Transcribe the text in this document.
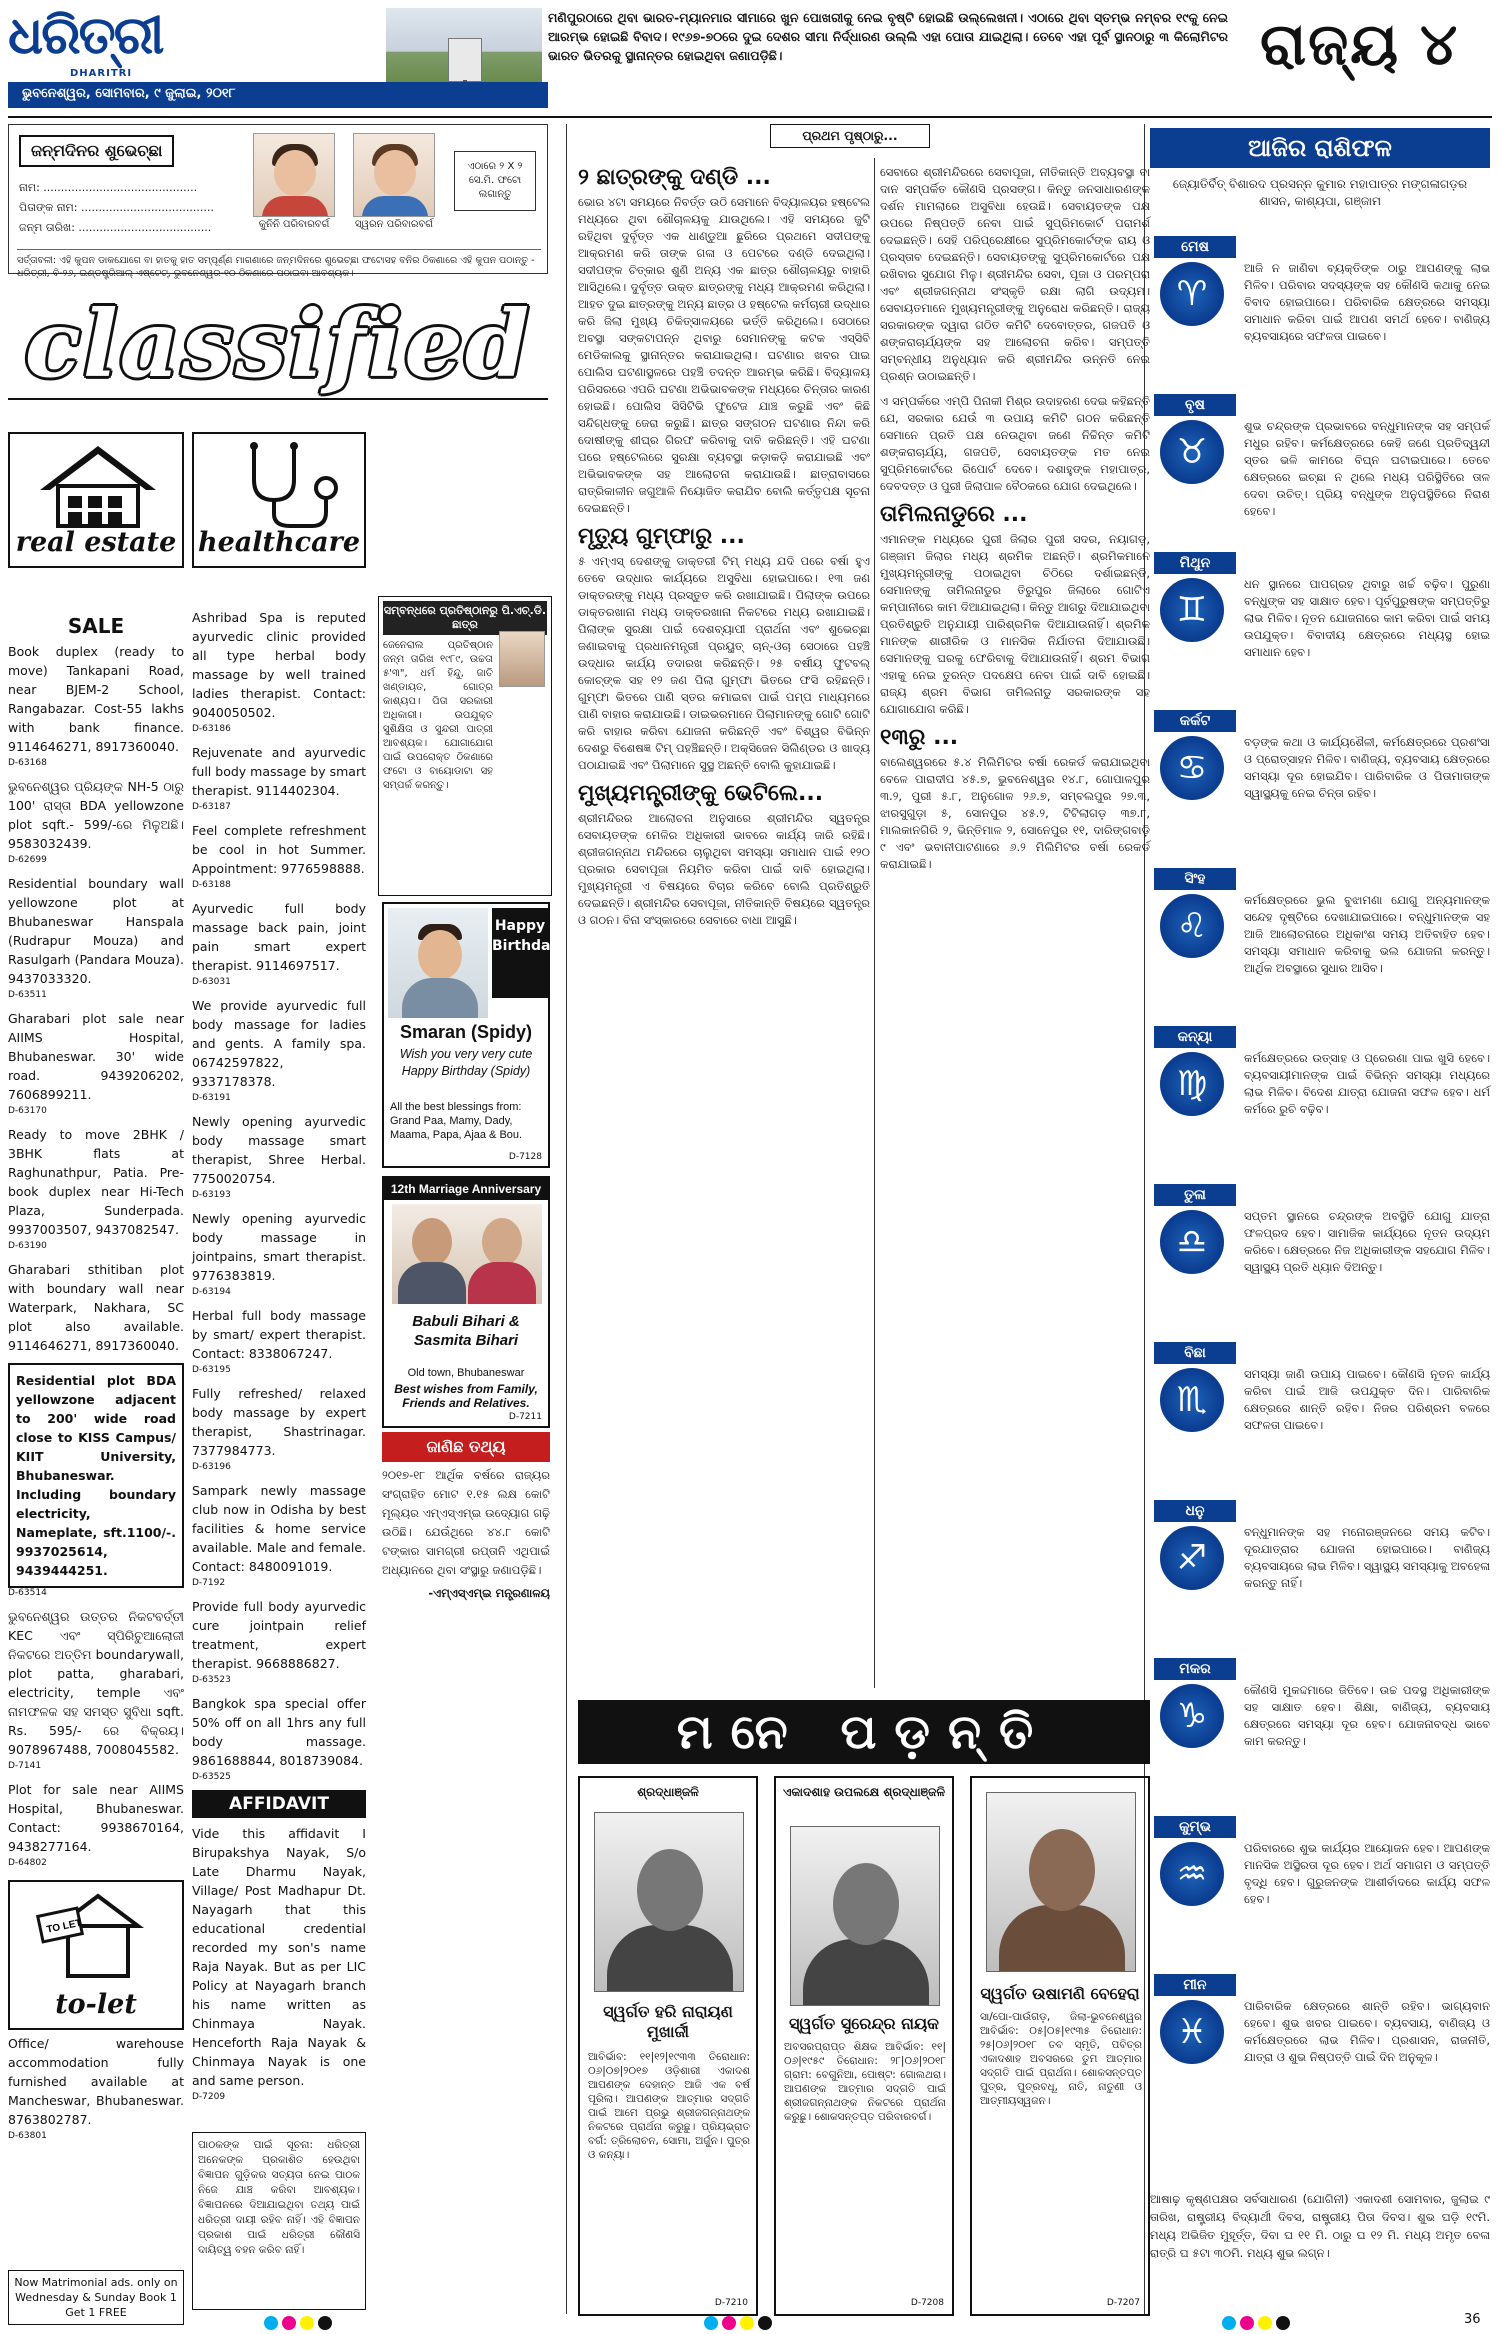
ଧରିତ୍ରୀ
DHARITRI
ମଣିପୁରଠାରେ ଥିବା ଭାରତ-ମ୍ୟାନମାର ସୀମାରେ ଖୁନ ପୋଖରୀକୁ ନେଇ ବୃଷ୍ଟି ହୋଇଛି ଉଲ୍ଲେଖନୀ। ଏଠାରେ ଥିବା ସ୍ତମ୍ଭ ନମ୍ବର ୧୯କୁ ନେଇ ଆରମ୍ଭ ହୋଇଛି ବିବାଦ। ୧୯୬୭-୭୦ରେ ଦୁଇ ଦେଶର ସୀମା ନିର୍ଦ୍ଧାରଣ ଉଲ୍ଲି ଏହା ପୋତା ଯାଇଥିଲା। ତେବେ ଏହା ପୂର୍ବ ସ୍ଥାନଠାରୁ ୩ କିଲୋମିଟର ଭାରତ ଭିତରକୁ ସ୍ଥାନାନ୍ତର ହୋଇଥିବା ଜଣାପଡ଼ିଛି।	ରାଜ୍ୟ ୪
ଭୁବନେଶ୍ୱର, ସୋମବାର, ୯ ଜୁଲାଇ, ୨୦୧୮
ଜନ୍ମଦିନର ଶୁଭେଚ୍ଛା
ନାମ: ............................................
ପିତାଙ୍କ ନାମ: ......................................
ଜନ୍ମ ତାରିଖ: ......................................	କୁନିନି ପରିବାରବର୍ଗ	ସ୍ୱରନ ପରିବାରବର୍ଗ
ଏଠାରେ ୨ X ୨ ସେ.ମି. ଫଟୋ ଲଗାନ୍ତୁ
ସର୍ତ୍ତାବଳୀ: ଏହି କୁପନ ଡାକଯୋଗେ ବା ହାତକୁ ହାତ ସମ୍ପୂର୍ଣ୍ଣ ମାଗଣାରେ ଜନ୍ମଦିନରେ ଶୁଭେଚ୍ଛା ଫଟୋସହ ବନିର ଠିକଣାରେ ଏହି କୁପନ ପଠାନ୍ତୁ - ଧରିତ୍ରୀ, ବି-୨୬, ଇଣ୍ଡଷ୍ଟ୍ରିଆଲ୍ ଏଷ୍ଟେଟ୍, ଭୁବନେଶ୍ୱର-୧୦ ଠିକଣାରେ ପଠାଇବା ଆବଶ୍ୟକ।
classified
real estate healthcare
SALE
Book duplex (ready to move) Tankapani Road, near BJEM-2 School, Rangabazar. Cost-55 lakhs with bank finance. 9114646271, 8917360040.
D-63168
ଭୁବନେଶ୍ୱର ପ୍ରିୟଙ୍କ NH-5 ଠାରୁ 100' ରାସ୍ତା BDA yellowzone plot sqft.- 599/-ରେ ମିଳୁଅଛି। 9583032439.
D-62699
Residential boundary wall yellowzone plot at Bhubaneswar Hanspala (Rudrapur Mouza) and Rasulgarh (Pandara Mouza). 9437033320.
D-63511
Gharabari plot sale near AIIMS Hospital, Bhubaneswar. 30' wide road. 9439206202, 7606899211.
D-63170
Ready to move 2BHK / 3BHK flats at Raghunathpur, Patia. Pre-book duplex near Hi-Tech Plaza, Sunderpada. 9937003507, 9437082547.
D-63190
Gharabari sthitiban plot with boundary wall near Waterpark, Nakhara, SC plot also available. 9114646271, 8917360040.
Residential plot BDA yellowzone adjacent to 200' wide road close to KISS Campus/ KIIT University, Bhubaneswar. Including boundary electricity, Nameplate, sft.1100/-. 9937025614, 9439444251.
D-63514
ଭୁବନେଶ୍ୱର ଉତ୍ତର ନିକଟବର୍ତ୍ତୀ KEC ଏବଂ ସ୍ପିରିଚୁଆଲୋଜୀ ନିକଟରେ ଅତ୍ତିମ boundarywall, plot patta, gharabari, electricity, temple ଏବଂ ନାମଫଳକ ସହ ସମସ୍ତ ସୁବିଧା sqft. Rs. 595/- ରେ ବିକ୍ରୟ। 9078967488, 7008045582.
D-7141
Plot for sale near AIIMS Hospital, Bhubaneswar. Contact: 9938670164, 9438277164.
D-64802
TO LET
to-let
Office/ warehouse accommodation fully furnished available at Mancheswar, Bhubaneswar. 8763802787.
D-63801
Now Matrimonial ads. only on Wednesday & Sunday Book 1 Get 1 FREE
Ashribad Spa is reputed ayurvedic clinic provided all type herbal body massage by well trained ladies therapist. Contact: 9040050502.
D-63186
Rejuvenate and ayurvedic full body massage by smart therapist. 9114402304.
D-63187
Feel complete refreshment be cool in hot Summer. Appointment: 9776598888.
D-63188
Ayurvedic full body massage back pain, joint pain smart expert therapist. 9114697517.
D-63031
We provide ayurvedic full body massage for ladies and gents. A family spa. 06742597822, 9337178378.
D-63191
Newly opening ayurvedic body massage smart therapist, Shree Herbal. 7750020754.
D-63193
Newly opening ayurvedic body massage in jointpains, smart therapist. 9776383819.
D-63194
Herbal full body massage by smart/ expert therapist. Contact: 8338067247.
D-63195
Fully refreshed/ relaxed body massage by expert therapist, Shastrinagar. 7377984773.
D-63196
Sampark newly massage club now in Odisha by best facilities & home service available. Male and female. Contact: 8480091019.
D-7192
Provide full body ayurvedic cure jointpain relief treatment, expert therapist. 9668886827.
D-63523
Bangkok spa special offer 50% off on all 1hrs any full body massage. 9861688844, 8018739084.
D-63525
AFFIDAVIT
Vide this affidavit I Birupakshya Nayak, S/o Late Dharmu Nayak, Village/ Post Madhapur Dt. Nayagarh that this educational credential recorded my son's name Raja Nayak. But as per LIC Policy at Nayagarh branch his name written as Chinmaya Nayak. Henceforth Raja Nayak & Chinmaya Nayak is one and same person.
D-7209
ପାଠକଙ୍କ ପାଇଁ ସୂଚନା: ଧରିତ୍ରୀ ଅନେକଙ୍କ ପ୍ରକାଶିତ ହେଉଥିବା ବିଜ୍ଞାପନ ଗୁଡ଼ିକର ସତ୍ୟତା ନେଇ ପାଠକ ନିଜେ ଯାଞ୍ଚ କରିବା ଆବଶ୍ୟକ। ବିଜ୍ଞାପନରେ ଦିଆଯାଇଥିବା ତଥ୍ୟ ପାଇଁ ଧରିତ୍ରୀ ଦାୟୀ ରହିବ ନାହିଁ। ଏହି ବିଜ୍ଞାପନ ପ୍ରକାଶ ପାଇଁ ଧରିତ୍ରୀ କୌଣସି ଦାୟିତ୍ୱ ବହନ କରିବ ନାହିଁ।
ସମ୍ବନ୍ଧରେ ପ୍ରତିଷ୍ଠାନରୁ ପି.ଏଚ୍.ଡି. ଛାତ୍ର
ଜେନେରାଲ ପ୍ରତିଷ୍ଠାନ ଜନ୍ମ ତାରିଖ ୧୯୮୯, ଉଚ୍ଚତା ୫'୩", ଧର୍ମ ହିନ୍ଦୁ, ଜାତି ଖଣ୍ଡାୟତ, ଗୋତ୍ର କାଶ୍ୟପ। ପିତା ସରକାରୀ ଅଧିକାରୀ। ଉପଯୁକ୍ତ ସୁଶିକ୍ଷିତା ଓ ସୁନ୍ଦରୀ ପାତ୍ରୀ ଆବଶ୍ୟକ। ଯୋଗାଯୋଗ ପାଇଁ ଉପରୋକ୍ତ ଠିକଣାରେ ଫଟୋ ଓ ବାୟୋଡାଟା ସହ ସମ୍ପର୍କ କରନ୍ତୁ।
Happy Birthday
Smaran (Spidy)
Wish you very very cute Happy Birthday (Spidy)
All the best blessings from: Grand Paa, Mamy, Dady, Maama, Papa, Ajaa & Bou.
D-7128
12th Marriage Anniversary
Babuli Bihari & Sasmita Bihari
Old town, Bhubaneswar
Best wishes from Family, Friends and Relatives.
D-7211
ଜାଣିଛ ତଥ୍ୟ
୨୦୧୭-୧୮ ଆର୍ଥିକ ବର୍ଷରେ ରାଜ୍ୟର ସଂଗ୍ରାହିତ ମୋଟ ୧.୧୫ ଲକ୍ଷ କୋଟି ମୂଲ୍ୟର ଏମ୍‌ଏସ୍‌ଏମ୍‌ଇ ଉଦ୍ୟୋଗ ଗଢ଼ି ଉଠିଛି। ଯେଉଁଥିରେ ୪୪.୮ କୋଟି ଟଙ୍କାର ସାମଗ୍ରୀ ରପ୍ତାନି ଏଥିପାଇଁ ଅଧ୍ୟାନରେ ଥିବା ସଂସ୍ଥାରୁ ଜଣାପଡ଼ିଛି।
-ଏମ୍‌ଏସ୍‌ଏମ୍‌ଇ ମନ୍ତ୍ରଣାଳୟ
ପ୍ରଥମ ପୃଷ୍ଠାରୁ...
୨ ଛାତ୍ରଙ୍କୁ ଦଣ୍ଡି ...
ଭୋର ୪ଟା ସମୟରେ ନିବର୍ତ୍ତ ଉଠି ସେମାନେ ବିଦ୍ୟାଳୟର ହଷ୍ଟେଲ ମଧ୍ୟରେ ଥିବା ଶୌଚାଳୟକୁ ଯାଉଥିଲେ। ଏହି ସମୟରେ ଜୁଟି ରହିଥିବା ଦୁର୍ବୃତ୍ତ ଏକ ଧାଣ୍ଡୁଆ ଛୁରିରେ ପ୍ରଥମେ ସଦୀପଙ୍କୁ ଆକ୍ରମଣ କରି ତାଙ୍କ ଗଳା ଓ ପେଟରେ ଦଣ୍ଡି ଦେଇଥିଲା। ସଦୀପଙ୍କ ଚିତ୍କାର ଶୁଣି ଅନ୍ୟ ଏକ ଛାତ୍ର ଶୌଚାଳୟରୁ ବାହାରି ଆସିଥିଲେ। ଦୁର୍ବୃତ୍ତ ଉକ୍ତ ଛାତ୍ରଙ୍କୁ ମଧ୍ୟ ଆକ୍ରମଣ କରିଥିଲା। ଆହତ ଦୁଇ ଛାତ୍ରଙ୍କୁ ଅନ୍ୟ ଛାତ୍ର ଓ ହଷ୍ଟେଲ କର୍ମଚାରୀ ଉଦ୍ଧାର କରି ଜିଲା ମୁଖ୍ୟ ଚିକିତ୍ସାଳୟରେ ଭର୍ତ୍ତି କରିଥିଲେ। ସେଠାରେ ଅବସ୍ଥା ସଙ୍କଟାପନ୍ନ ଥିବାରୁ ସେମାନଙ୍କୁ କଟକ ଏସ୍‌ସିବି ମେଡିକାଲକୁ ସ୍ଥାନାନ୍ତର କରାଯାଇଥିଲା। ଘଟଣାର ଖବର ପାଇ ପୋଲିସ ଘଟଣାସ୍ଥଳରେ ପହଞ୍ଚି ତଦନ୍ତ ଆରମ୍ଭ କରିଛି। ବିଦ୍ୟାଳୟ ପରିସରରେ ଏପରି ଘଟଣା ଅଭିଭାବକଙ୍କ ମଧ୍ୟରେ ଚିନ୍ତାର କାରଣ ହୋଇଛି। ପୋଲିସ ସିସିଟିଭି ଫୁଟେଜ ଯାଞ୍ଚ କରୁଛି ଏବଂ କିଛି ସନ୍ଦିଗ୍ଧଙ୍କୁ ଜେରା କରୁଛି। ଛାତ୍ର ସଙ୍ଗଠନ ଘଟଣାର ନିନ୍ଦା କରି ଦୋଷୀଙ୍କୁ ଶୀଘ୍ର ଗିରଫ କରିବାକୁ ଦାବି କରିଛନ୍ତି। ଏହି ଘଟଣା ପରେ ହଷ୍ଟେଲରେ ସୁରକ୍ଷା ବ୍ୟବସ୍ଥା କଡ଼ାକଡ଼ି କରାଯାଇଛି ଏବଂ ଅଭିଭାବକଙ୍କ ସହ ଆଲୋଚନା କରାଯାଉଛି। ଛାତ୍ରାବାସରେ ରାତ୍ରିକାଳୀନ ଜଗୁଆଳି ନିୟୋଜିତ କରାଯିବ ବୋଲି କର୍ତ୍ତୃପକ୍ଷ ସୂଚନା ଦେଇଛନ୍ତି।
ମୃତ୍ୟୁ ଗୁମ୍ଫାରୁ ...
୫ ଏମ୍‌ଏସ୍‌ ଦେଶଙ୍କୁ ଡାକ୍ତରୀ ଟିମ୍‌ ମଧ୍ୟ ଯଦି ପରେ ବର୍ଷା ହୁଏ ତେବେ ଉଦ୍ଧାର କାର୍ଯ୍ୟରେ ଅସୁବିଧା ହୋଇପାରେ। ୧୩ ଜଣ ଡାକ୍ତରଙ୍କୁ ମଧ୍ୟ ପ୍ରସ୍ତୁତ କରି ରଖାଯାଇଛି। ପିଲାଙ୍କ ଉପରେ ଡାକ୍ତରଖାନା ମଧ୍ୟ ଡାକ୍ତରଖାନା ନିକଟରେ ମଧ୍ୟ ରଖାଯାଇଛି। ପିଲାଙ୍କ ସୁରକ୍ଷା ପାଇଁ ଦେଶବ୍ୟାପୀ ପ୍ରାର୍ଥନା ଏବଂ ଶୁଭେଚ୍ଛା ଜଣାଇବାକୁ ପ୍ରଧାନମନ୍ତ୍ରୀ ପ୍ରୟୁତ୍ ଚାନ୍-ଓଚା ସେଠାରେ ପହଞ୍ଚି ଉଦ୍ଧାର କାର୍ଯ୍ୟ ତଦାରଖ କରିଛନ୍ତି। ୨୫ ବର୍ଷୀୟ ଫୁଟବଲ୍ କୋଚ୍‌ଙ୍କ ସହ ୧୨ ଜଣ ପିଲା ଗୁମ୍ଫା ଭିତରେ ଫସି ରହିଛନ୍ତି। ଗୁମ୍ଫା ଭିତରେ ପାଣି ସ୍ତର କମାଇବା ପାଇଁ ପମ୍ପ ମାଧ୍ୟମରେ ପାଣି ବାହାର କରାଯାଉଛି। ଡାଇଭରମାନେ ପିଲାମାନଙ୍କୁ ଗୋଟି ଗୋଟି କରି ବାହାର କରିବା ଯୋଜନା କରିଛନ୍ତି ଏବଂ ବିଶ୍ୱର ବିଭିନ୍ନ ଦେଶରୁ ବିଶେଷଜ୍ଞ ଟିମ୍ ପହଞ୍ଚିଛନ୍ତି। ଅକ୍ସିଜେନ ସିଲିଣ୍ଡର ଓ ଖାଦ୍ୟ ପଠାଯାଇଛି ଏବଂ ପିଲାମାନେ ସୁସ୍ଥ ଅଛନ୍ତି ବୋଲି କୁହାଯାଇଛି।
ମୁଖ୍ୟମନ୍ତ୍ରୀଙ୍କୁ ଭେଟିଲେ...
ଶ୍ରୀମନ୍ଦିରର ଆଲୋଚନା ଅନୁସାରେ ଶ୍ରୀମନ୍ଦିର ସ୍ୱତନ୍ତ୍ର ସେବାୟତଙ୍କ ମେଳିର ଅଧିକାରୀ ଭାବରେ କାର୍ଯ୍ୟ ଜାରି ରହିଛି। ଶ୍ରୀଜଗନ୍ନାଥ ମନ୍ଦିରରେ ଚାଲୁଥିବା ସମସ୍ୟା ସମାଧାନ ପାଇଁ ୧୨୦ ପ୍ରକାର ସେବାପୂଜା ନିୟମିତ କରିବା ପାଇଁ ଦାବି ହୋଇଥିଲା। ମୁଖ୍ୟମନ୍ତ୍ରୀ ଏ ବିଷୟରେ ବିଚାର କରିବେ ବୋଲି ପ୍ରତିଶ୍ରୁତି ଦେଇଛନ୍ତି। ଶ୍ରୀମନ୍ଦିର ସେବାପୂଜା, ନୀତିକାନ୍ତି ବିଷୟରେ ସ୍ୱତନ୍ତ୍ର ଓ ଗଠନ। ବିନା ସଂସ୍କାରରେ ସେବାରେ ବାଧା ଆସୁଛି।
ସେବାରେ ଶ୍ରୀମନ୍ଦିରରେ ସେବାପୂଜା, ନୀତିକାନ୍ତି ଅବ୍ୟବସ୍ଥା ବା ଦାନ ସମ୍ପର୍କିତ କୌଣସି ପ୍ରସଙ୍ଗ। କିନ୍ତୁ ଜନସାଧାରଣଙ୍କ ଦର୍ଶନ ମାମଲାରେ ଅସୁବିଧା ହେଉଛି। ସେବାୟତଙ୍କ ପକ୍ଷ ଉପରେ ନିଷ୍ପତ୍ତି ନେବା ପାଇଁ ସୁପ୍ରିମକୋର୍ଟ ପରାମର୍ଶ ଦେଇଛନ୍ତି। ସେହି ପରିପ୍ରେକ୍ଷୀରେ ସୁପ୍ରିମକୋର୍ଟଙ୍କ ରାୟ ଓ ପ୍ରସ୍ତାବ ଦେଇଛନ୍ତି। ସେବାୟତଙ୍କୁ ସୁପ୍ରିମକୋର୍ଟରେ ପକ୍ଷ ରଖିବାର ସୁଯୋଗ ମିଳୁ। ଶ୍ରୀମନ୍ଦିର ସେବା, ପୂଜା ଓ ପରମ୍ପରା ଏବଂ ଶ୍ରୀଜଗନ୍ନାଥ ସଂସ୍କୃତି ରକ୍ଷା ଲାଗି ଉଦ୍ୟମ। ସେବାୟତମାନେ ମୁଖ୍ୟମନ୍ତ୍ରୀଙ୍କୁ ଅନୁରୋଧ କରିଛନ୍ତି। ରାଜ୍ୟ ସରକାରଙ୍କ ଦ୍ୱାରା ଗଠିତ କମିଟି ଦେବୋତ୍ତର, ଗଜପତି ଓ ଶଙ୍କରାଚାର୍ଯ୍ୟଙ୍କ ସହ ଆଲୋଚନା କରିବ। ସମ୍ପତ୍ତି ସମ୍ବନ୍ଧୀୟ ଅନୁଧ୍ୟାନ କରି ଶ୍ରୀମନ୍ଦିର ଉନ୍ନତି ନେଇ ପ୍ରଶ୍ନ ଉଠାଇଛନ୍ତି।
ଏ ସମ୍ପର୍କରେ ଏମ୍‌ପି ପିନାକୀ ମିଶ୍ର ଉଦାହରଣ ଦେଇ କହିଛନ୍ତି ଯେ, ସରକାର ଯେଉଁ ୩ ଉପାୟ କମିଟି ଗଠନ କରିଛନ୍ତି ସେମାନେ ପ୍ରତି ପକ୍ଷ ନେଉଥିବା ଜଣେ ନିଚ୍ଚିନ୍ତ କମିଟି ଶଙ୍କରାଚାର୍ଯ୍ୟ, ଗଜପତି, ସେବାୟତଙ୍କ ମତ ନେଇ ସୁପ୍ରିମକୋର୍ଟରେ ରିପୋର୍ଟ ଦେବେ। ଦଶାହୁଙ୍କ ମହାପାତ୍ର, ଦେବଦତ୍ତ ଓ ପୁରୀ ଜିଲାପାଳ ବୈଠକରେ ଯୋଗ ଦେଇଥିଲେ।
ତାମିଲନାଡୁରେ ...
ଏମାନଙ୍କ ମଧ୍ୟରେ ପୁରୀ ଜିଲାର ପୁରୀ ସଦର, ନୟାଗଡ଼, ଗଞ୍ଜାମ ଜିଲାର ମଧ୍ୟ ଶ୍ରମିକ ଅଛନ୍ତି। ଶ୍ରମିକମାନେ ମୁଖ୍ୟମନ୍ତ୍ରୀଙ୍କୁ ପଠାଇଥିବା ଚିଠିରେ ଦର୍ଶାଇଛନ୍ତି, ସେମାନଙ୍କୁ ତାମିଲନାଡୁର ତିରୁପୁର ଜିଲାରେ ଗୋଟିଏ କମ୍ପାନୀରେ କାମ ଦିଆଯାଇଥିଲା। କିନ୍ତୁ ଆଗରୁ ଦିଆଯାଇଥିବା ପ୍ରତିଶ୍ରୁତି ଅନୁଯାୟୀ ପାରିଶ୍ରମିକ ଦିଆଯାଉନାହିଁ। ଶ୍ରମିକ ମାନଙ୍କ ଶାରୀରିକ ଓ ମାନସିକ ନିର୍ଯାତନା ଦିଆଯାଉଛି। ସେମାନଙ୍କୁ ଘରକୁ ଫେରିବାକୁ ଦିଆଯାଉନାହିଁ। ଶ୍ରମ ବିଭାଗ ଏହାକୁ ନେଇ ତୁରନ୍ତ ପଦକ୍ଷେପ ନେବା ପାଇଁ ଦାବି ହୋଇଛି। ରାଜ୍ୟ ଶ୍ରମ ବିଭାଗ ତାମିଲନାଡୁ ସରକାରଙ୍କ ସହ ଯୋଗାଯୋଗ କରିଛି।
୧୩ରୁ ...
ବାଲେଶ୍ୱରରେ ୫.୪ ମିଲିମିଟର ବର୍ଷା ରେକର୍ଡ କରାଯାଇଥିବା ବେଳେ ପାରାଦୀପ ୪୫.୭, ଭୁବନେଶ୍ୱର ୧୪.୮, ଗୋପାଳପୁର ୩.୨, ପୁରୀ ୫.୮, ଅନୁଗୋଳ ୨୬.୭, ସମ୍ବଲପୁର ୨୭.୩, ଝାରସୁଗୁଡ଼ା ୫, ସୋନପୁର ୪୫.୨, ଟିଟିଲାଗଡ଼ ୩୭.୮, ମାଲକାନଗିରି ୨, ଭିନ୍ତିମାଳ ୨, ସୋନେପୁର ୧୧, ଦାରିଙ୍ଗବାଡ଼ି ୯ ଏବଂ ଭବାନୀପାଟଣାରେ ୬.୨ ମିଲିମିଟର ବର୍ଷା ରେକର୍ଡ କରାଯାଇଛି।
ମନେ ପଡ଼ନ୍ତି
ଶ୍ରଦ୍ଧାଞ୍ଜଳି
ସ୍ୱର୍ଗତ ହରି ନାରାୟଣ ମୁଖାର୍ଜୀ
ଆବିର୍ଭାବ: ୧୧|୧୨|୧୯୩୩ ତିରୋଧାନ: ୦୬|୦୭|୨୦୧୭ ଓଡ଼ିଶାରୀ ଏକାଦଶ ଆପଣଙ୍କ ଦେହାନ୍ତ ଆଜି ଏକ ବର୍ଷ ପୂରିଲା। ଆପଣଙ୍କ ଆତ୍ମାର ସଦ୍‌ଗତି ପାଇଁ ଆମେ ପ୍ରଭୁ ଶ୍ରୀଜଗନ୍ନାଥଙ୍କ ନିକଟରେ ପ୍ରାର୍ଥନା କରୁଛୁ। ପ୍ରିୟଭ୍ରାତ ବର୍ଗ: ତ୍ରିଲୋଚନ, ସୋମା, ଅର୍ଜୁନ। ପୁତ୍ର ଓ କନ୍ୟା।
D-7210
ଏକାଦଶାହ ଉପଲକ୍ଷେ ଶ୍ରଦ୍ଧାଞ୍ଜଳି
ସ୍ୱର୍ଗତ ସୁରେନ୍ଦ୍ର ନାୟକ
ଅବସରପ୍ରାପ୍ତ ଶିକ୍ଷକ ଆବିର୍ଭାବ: ୧୧|୦୬|୧୯୫୯ ତିରୋଧାନ: ୨୮|୦୬|୨୦୧୮ ଗ୍ରାମ: ବେଗୁନିଆ, ପୋଷ୍ଟ: ଗୋଲଥରା। ଆପଣଙ୍କ ଆତ୍ମାର ସଦ୍‌ଗତି ପାଇଁ ଶ୍ରୀଜଗନ୍ନାଥଙ୍କ ନିକଟରେ ପ୍ରାର୍ଥନା କରୁଛୁ। ଶୋକସନ୍ତପ୍ତ ପରିବାରବର୍ଗ।
D-7208
ସ୍ୱର୍ଗତ ଉଷାମଣି ବେହେରା
ସା/ପୋ-ପାଉଁଗଡ଼, ଜିଲା-ଭୁବନେଶ୍ୱର ଆବିର୍ଭାବ: ୦୫|୦୫|୧୯୩୫ ତିରୋଧାନ: ୨୫|୦୬|୨୦୧୮ ତବ ସ୍ମୃତି, ପବିତ୍ର ଏକାଦଶାହ ଅବସରରେ ତୁମ ଆତ୍ମାର ସଦ୍‌ଗତି ପାଇଁ ପ୍ରାର୍ଥନା। ଶୋକସନ୍ତପ୍ତ ପୁତ୍ର, ପୁତ୍ରବଧୂ, ନାତି, ନାତୁଣୀ ଓ ଆତ୍ମୀୟସ୍ୱଜନ।
D-7207
ଆଜିର ରାଶିଫଳ
ଜ୍ୟୋତିର୍ବିତ୍ ବିଶାରଦ ପ୍ରସନ୍ନ କୁମାର ମହାପାତ୍ର ମଙ୍ଗଳାଗଡ଼ର ଶାସନ, କାଶ୍ୟପା, ଗଞ୍ଜାମ
ମେଷ
♈
ଆଜି ନ ଜାଣିବା ବ୍ୟକ୍ତିଙ୍କ ଠାରୁ ଆପଣଙ୍କୁ ଲାଭ ମିଳିବ। ପରିବାର ସଦସ୍ୟଙ୍କ ସହ କୌଣସି କଥାକୁ ନେଇ ବିବାଦ ହୋଇପାରେ। ପରିବାରିକ କ୍ଷେତ୍ରରେ ସମସ୍ୟା ସମାଧାନ କରିବା ପାଇଁ ଆପଣ ସମର୍ଥ ହେବେ। ବାଣିଜ୍ୟ ବ୍ୟବସାୟରେ ସଫଳତା ପାଇବେ।
ବୃଷ
♉
ଶୁଭ ଚନ୍ଦ୍ରଙ୍କ ପ୍ରଭାବରେ ବନ୍ଧୁମାନଙ୍କ ସହ ସମ୍ପର୍କ ମଧୁର ରହିବ। କର୍ମକ୍ଷେତ୍ରରେ କେହି ଜଣେ ପ୍ରତିଦ୍ୱନ୍ଦୀ ସ୍ତର ଭଳି କାମରେ ବିଘ୍ନ ଘଟାଇପାରେ। ତେବେ କ୍ଷେତ୍ରରେ ଇଚ୍ଛା ନ ଥିଲେ ମଧ୍ୟ ପରିସ୍ଥିତିରେ ତାଳ ଦେବା ଉଚିତ୍। ପ୍ରିୟ ବନ୍ଧୁଙ୍କ ଅନୁପସ୍ଥିତିରେ ନିରାଶ ହେବେ।
ମିଥୁନ
♊
ଧନ ସ୍ଥାନରେ ପାପଗ୍ରହ ଥିବାରୁ ଖର୍ଚ୍ଚ ବଢ଼ିବ। ପୁରୁଣା ବନ୍ଧୁଙ୍କ ସହ ସାକ୍ଷାତ ହେବ। ପୂର୍ବପୁରୁଷଙ୍କ ସମ୍ପତ୍ତିରୁ ଲାଭ ମିଳିବ। ନୂତନ ଯୋଜନାରେ କାମ କରିବା ପାଇଁ ସମୟ ଉପଯୁକ୍ତ। ବିବାଦୀୟ କ୍ଷେତ୍ରରେ ମଧ୍ୟସ୍ଥ ହୋଇ ସମାଧାନ ହେବ।
କର୍କଟ
♋
ବଡ଼ଙ୍କ କଥା ଓ କାର୍ଯ୍ୟଶୈଳୀ, କର୍ମକ୍ଷେତ୍ରରେ ପ୍ରଶଂସା ଓ ପ୍ରୋତ୍ସାହନ ମିଳିବ। ବାଣିଜ୍ୟ, ବ୍ୟବସାୟ କ୍ଷେତ୍ରରେ ସମସ୍ୟା ଦୂର ହୋଇଯିବ। ପାରିବାରିକ ଓ ପିତାମାତାଙ୍କ ସ୍ୱାସ୍ଥ୍ୟକୁ ନେଇ ଚିନ୍ତା ରହିବ।
ସିଂହ
♌
କର୍ମକ୍ଷେତ୍ରରେ ଭୁଲ ବୁଝାମଣା ଯୋଗୁ ଅନ୍ୟମାନଙ୍କ ସନ୍ଦେହ ଦୃଷ୍ଟିରେ ଦେଖାଯାଇପାରେ। ବନ୍ଧୁମାନଙ୍କ ସହ ଆଜି ଆଲୋଚନାରେ ଅଧିକାଂଶ ସମୟ ଅତିବାହିତ ହେବ। ସମସ୍ୟା ସମାଧାନ କରିବାକୁ ଭଲ ଯୋଜନା କରନ୍ତୁ। ଆର୍ଥିକ ଅବସ୍ଥାରେ ସୁଧାର ଆସିବ।
କନ୍ୟା
♍
କର୍ମକ୍ଷେତ୍ରରେ ଉତ୍ସାହ ଓ ପ୍ରେରଣା ପାଇ ଖୁସି ହେବେ। ବ୍ୟବସାୟୀମାନଙ୍କ ପାଇଁ ବିଭିନ୍ନ ସମସ୍ୟା ମଧ୍ୟରେ ଲାଭ ମିଳିବ। ବିଦେଶ ଯାତ୍ରା ଯୋଜନା ସଫଳ ହେବ। ଧର୍ମ କର୍ମରେ ରୁଚି ବଢ଼ିବ।
ତୁଳା
♎
ସପ୍ତମ ସ୍ଥାନରେ ଚନ୍ଦ୍ରଙ୍କ ଅବସ୍ଥିତି ଯୋଗୁ ଯାତ୍ରା ଫଳପ୍ରଦ ହେବ। ସାମାଜିକ କାର୍ଯ୍ୟରେ ନୂତନ ଉଦ୍ୟମ କରିବେ। କ୍ଷେତ୍ରରେ ନିଜ ଅଧିକାରୀଙ୍କ ସହଯୋଗ ମିଳିବ। ସ୍ୱାସ୍ଥ୍ୟ ପ୍ରତି ଧ୍ୟାନ ଦିଅନ୍ତୁ।
ବିଛା
♏
ସମସ୍ୟା ଜାଣି ଉପାୟ ପାଇବେ। କୌଣସି ନୂତନ କାର୍ଯ୍ୟ କରିବା ପାଇଁ ଆଜି ଉପଯୁକ୍ତ ଦିନ। ପାରିବାରିକ କ୍ଷେତ୍ରରେ ଶାନ୍ତି ରହିବ। ନିଜର ପରିଶ୍ରମ ବଳରେ ସଫଳତା ପାଇବେ।
ଧନୁ
♐
ବନ୍ଧୁମାନଙ୍କ ସହ ମନୋରଞ୍ଜନରେ ସମୟ କଟିବ। ଦୂରଯାତ୍ରାର ଯୋଜନା ହୋଇପାରେ। ବାଣିଜ୍ୟ ବ୍ୟବସାୟରେ ଲାଭ ମିଳିବ। ସ୍ୱାସ୍ଥ୍ୟ ସମସ୍ୟାକୁ ଅବହେଳା କରନ୍ତୁ ନାହିଁ।
ମକର
♑
କୌଣସି ମୁକଦ୍ଦମାରେ ଜିତିବେ। ଉଚ୍ଚ ପଦସ୍ଥ ଅଧିକାରୀଙ୍କ ସହ ସାକ୍ଷାତ ହେବ। ଶିକ୍ଷା, ବାଣିଜ୍ୟ, ବ୍ୟବସାୟ କ୍ଷେତ୍ରରେ ସମସ୍ୟା ଦୂର ହେବ। ଯୋଜନାବଦ୍ଧ ଭାବେ କାମ କରନ୍ତୁ।
କୁମ୍ଭ
♒
ପରିବାରରେ ଶୁଭ କାର୍ଯ୍ୟର ଆୟୋଜନ ହେବ। ଆପଣଙ୍କ ମାନସିକ ଅସ୍ଥିରତା ଦୂର ହେବ। ଅର୍ଥ ସମାଗମ ଓ ସମ୍ପତ୍ତି ବୃଦ୍ଧି ହେବ। ଗୁରୁଜନଙ୍କ ଆଶୀର୍ବାଦରେ କାର୍ଯ୍ୟ ସଫଳ ହେବ।
ମୀନ
♓
ପାରିବାରିକ କ୍ଷେତ୍ରରେ ଶାନ୍ତି ରହିବ। ଭାଗ୍ୟବାନ ହେବେ। ଶୁଭ ଖବର ପାଇବେ। ବ୍ୟବସାୟ, ବାଣିଜ୍ୟ ଓ କର୍ମକ୍ଷେତ୍ରରେ ଲାଭ ମିଳିବ। ପ୍ରଶାସନ, ରାଜନୀତି, ଯାତ୍ରା ଓ ଶୁଭ ନିଷ୍ପତ୍ତି ପାଇଁ ଦିନ ଅନୁକୂଳ।
ଆଷାଢ଼ କୃଷ୍ଣପକ୍ଷର ସର୍ବସାଧାରଣ (ଯୋଗିନୀ) ଏକାଦଶୀ ସୋମବାର, ଜୁଲାଇ ୯ ତାରିଖ, ରାଷ୍ଟ୍ରୀୟ ବିଦ୍ୟାର୍ଥୀ ଦିବସ, ରାଷ୍ଟ୍ରୀୟ ପିତା ଦିବସ। ଶୁଭ ଘଡ଼ି ୧୯ମି. ମଧ୍ୟ ଅଭିଜିତ ମୁହୂର୍ତ୍ତ, ଦିବା ଘ ୧୧ ମି. ଠାରୁ ଘ ୧୨ ମି. ମଧ୍ୟ ଅମୃତ ବେଳା ରାତ୍ରି ଘ ୫ଟା ୩୦ମି. ମଧ୍ୟ ଶୁଭ ଲଗ୍ନ।
36
